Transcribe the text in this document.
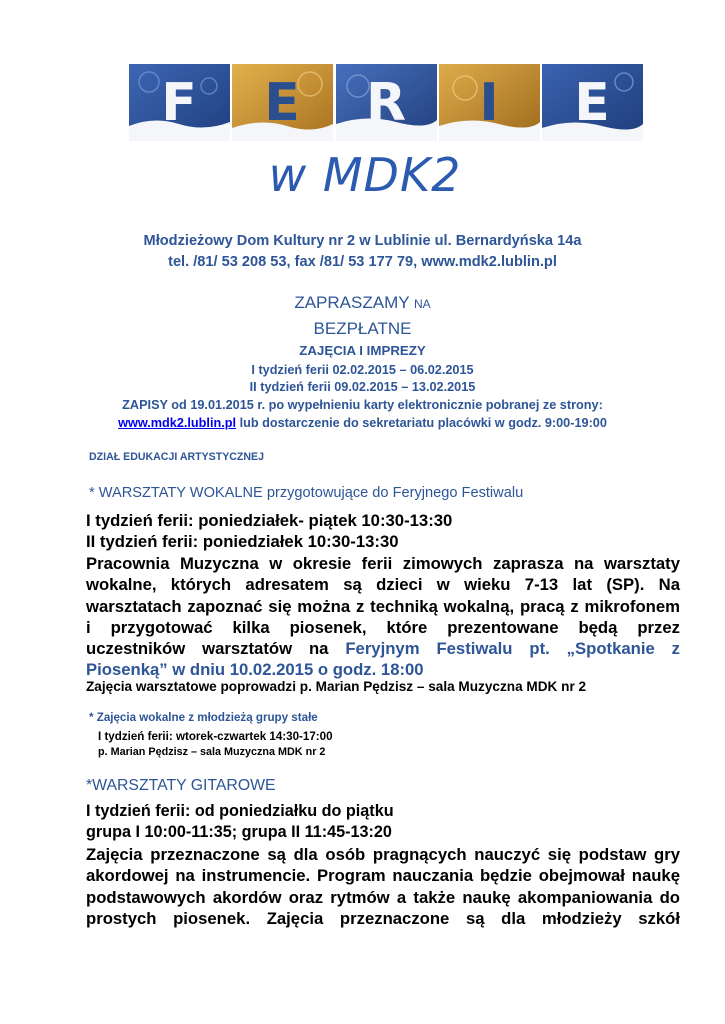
F E R I E
w MDK2
Młodzieżowy Dom Kultury nr 2 w Lublinie ul. Bernardyńska 14a
tel. /81/ 53 208 53, fax /81/ 53 177 79, www.mdk2.lublin.pl
ZAPRASZAMY NA
BEZPŁATNE
ZAJĘCIA I IMPREZY
I tydzień ferii 02.02.2015 – 06.02.2015
II tydzień ferii 09.02.2015 – 13.02.2015
ZAPISY od 19.01.2015 r. po wypełnieniu karty elektronicznie pobranej ze strony:
www.mdk2.lublin.pl lub dostarczenie do sekretariatu placówki w godz. 9:00-19:00
DZIAŁ EDUKACJI ARTYSTYCZNEJ
* WARSZTATY WOKALNE przygotowujące do Feryjnego Festiwalu
I tydzień ferii: poniedziałek- piątek 10:30-13:30
II tydzień ferii: poniedziałek 10:30-13:30
Pracownia Muzyczna w okresie ferii zimowych zaprasza na warsztaty
wokalne, których adresatem są dzieci w wieku 7-13 lat (SP). Na
warsztatach zapoznać się można z techniką wokalną, pracą z mikrofonem
i przygotować kilka piosenek, które prezentowane będą przez
uczestników warsztatów na Feryjnym Festiwalu pt. „Spotkanie z
Piosenką” w dniu 10.02.2015 o godz. 18:00
Zajęcia warsztatowe poprowadzi p. Marian Pędzisz – sala Muzyczna MDK nr 2
* Zajęcia wokalne z młodzieżą grupy stałe
I tydzień ferii: wtorek-czwartek 14:30-17:00
p. Marian Pędzisz – sala Muzyczna MDK nr 2
*WARSZTATY GITAROWE
I tydzień ferii: od poniedziałku do piątku
grupa I 10:00-11:35; grupa II 11:45-13:20
Zajęcia przeznaczone są dla osób pragnących nauczyć się podstaw gry
akordowej na instrumencie. Program nauczania będzie obejmował naukę
podstawowych akordów oraz rytmów a także naukę akompaniowania do
prostych piosenek. Zajęcia przeznaczone są dla młodzieży szkół
